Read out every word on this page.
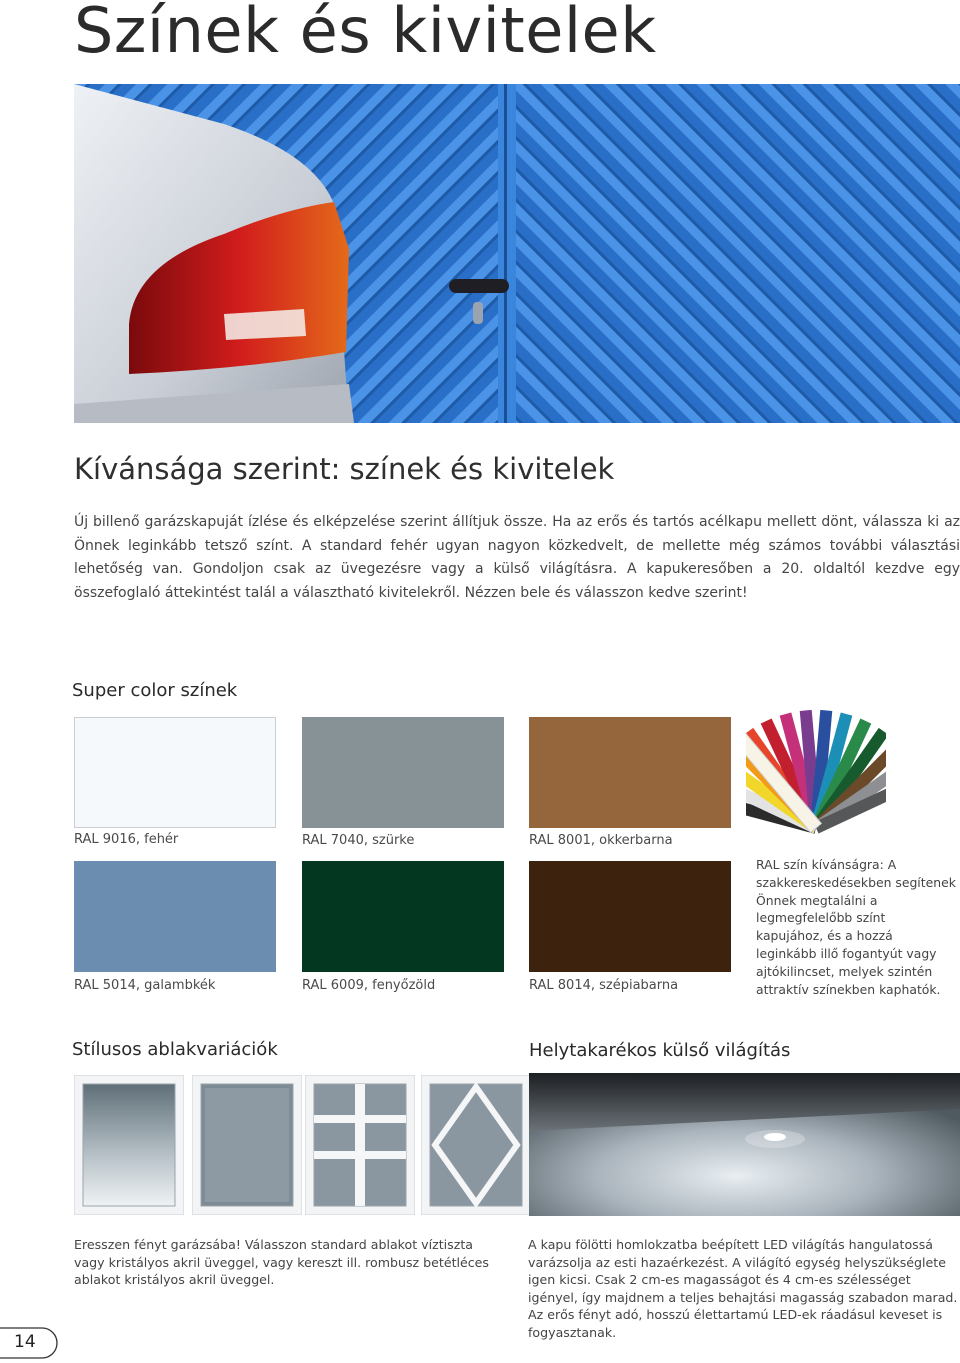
Színek és kivitelek
Kívánsága szerint: színek és kivitelek
Új billenő garázskapuját ízlése és elképzelése szerint állítjuk össze. Ha az erős és tartós acélkapu mellett dönt, válassza ki az Önnek leginkább tetsző színt. A standard fehér ugyan nagyon közkedvelt, de mellette még számos további választási lehetőség van. Gondoljon csak az üvegezésre vagy a külső világításra. A kapukeresőben a 20. oldaltól kezdve egy összefoglaló áttekintést talál a választható kivitelekről. Nézzen bele és válasszon kedve szerint!
Super color színek
RAL 9016, fehér	RAL 7040, szürke	RAL 8001, okkerbarna
RAL 5014, galambkék	RAL 6009, fenyőzöld	RAL 8014, szépiabarna
RAL szín kívánságra: A szakkereskedésekben segítenek Önnek megtalálni a legmegfelelőbb színt kapujához, és a hozzá leginkább illő fogantyút vagy ajtókilincset, melyek szintén attraktív színekben kaphatók.
Stílusos ablakvariációk
Eresszen fényt garázsába! Válasszon standard ablakot víztiszta vagy kristályos akril üveggel, vagy kereszt ill. rombusz betétléces ablakot kristályos akril üveggel.
Helytakarékos külső világítás
A kapu fölötti homlokzatba beépített LED világítás hangulatossá varázsolja az esti hazaérkezést. A világító egység helyszükséglete igen kicsi. Csak 2 cm-es magasságot és 4 cm-es szélességet igényel, így majdnem a teljes behajtási magasság szabadon marad. Az erős fényt adó, hosszú élettartamú LED-ek ráadásul keveset is fogyasztanak.
14
